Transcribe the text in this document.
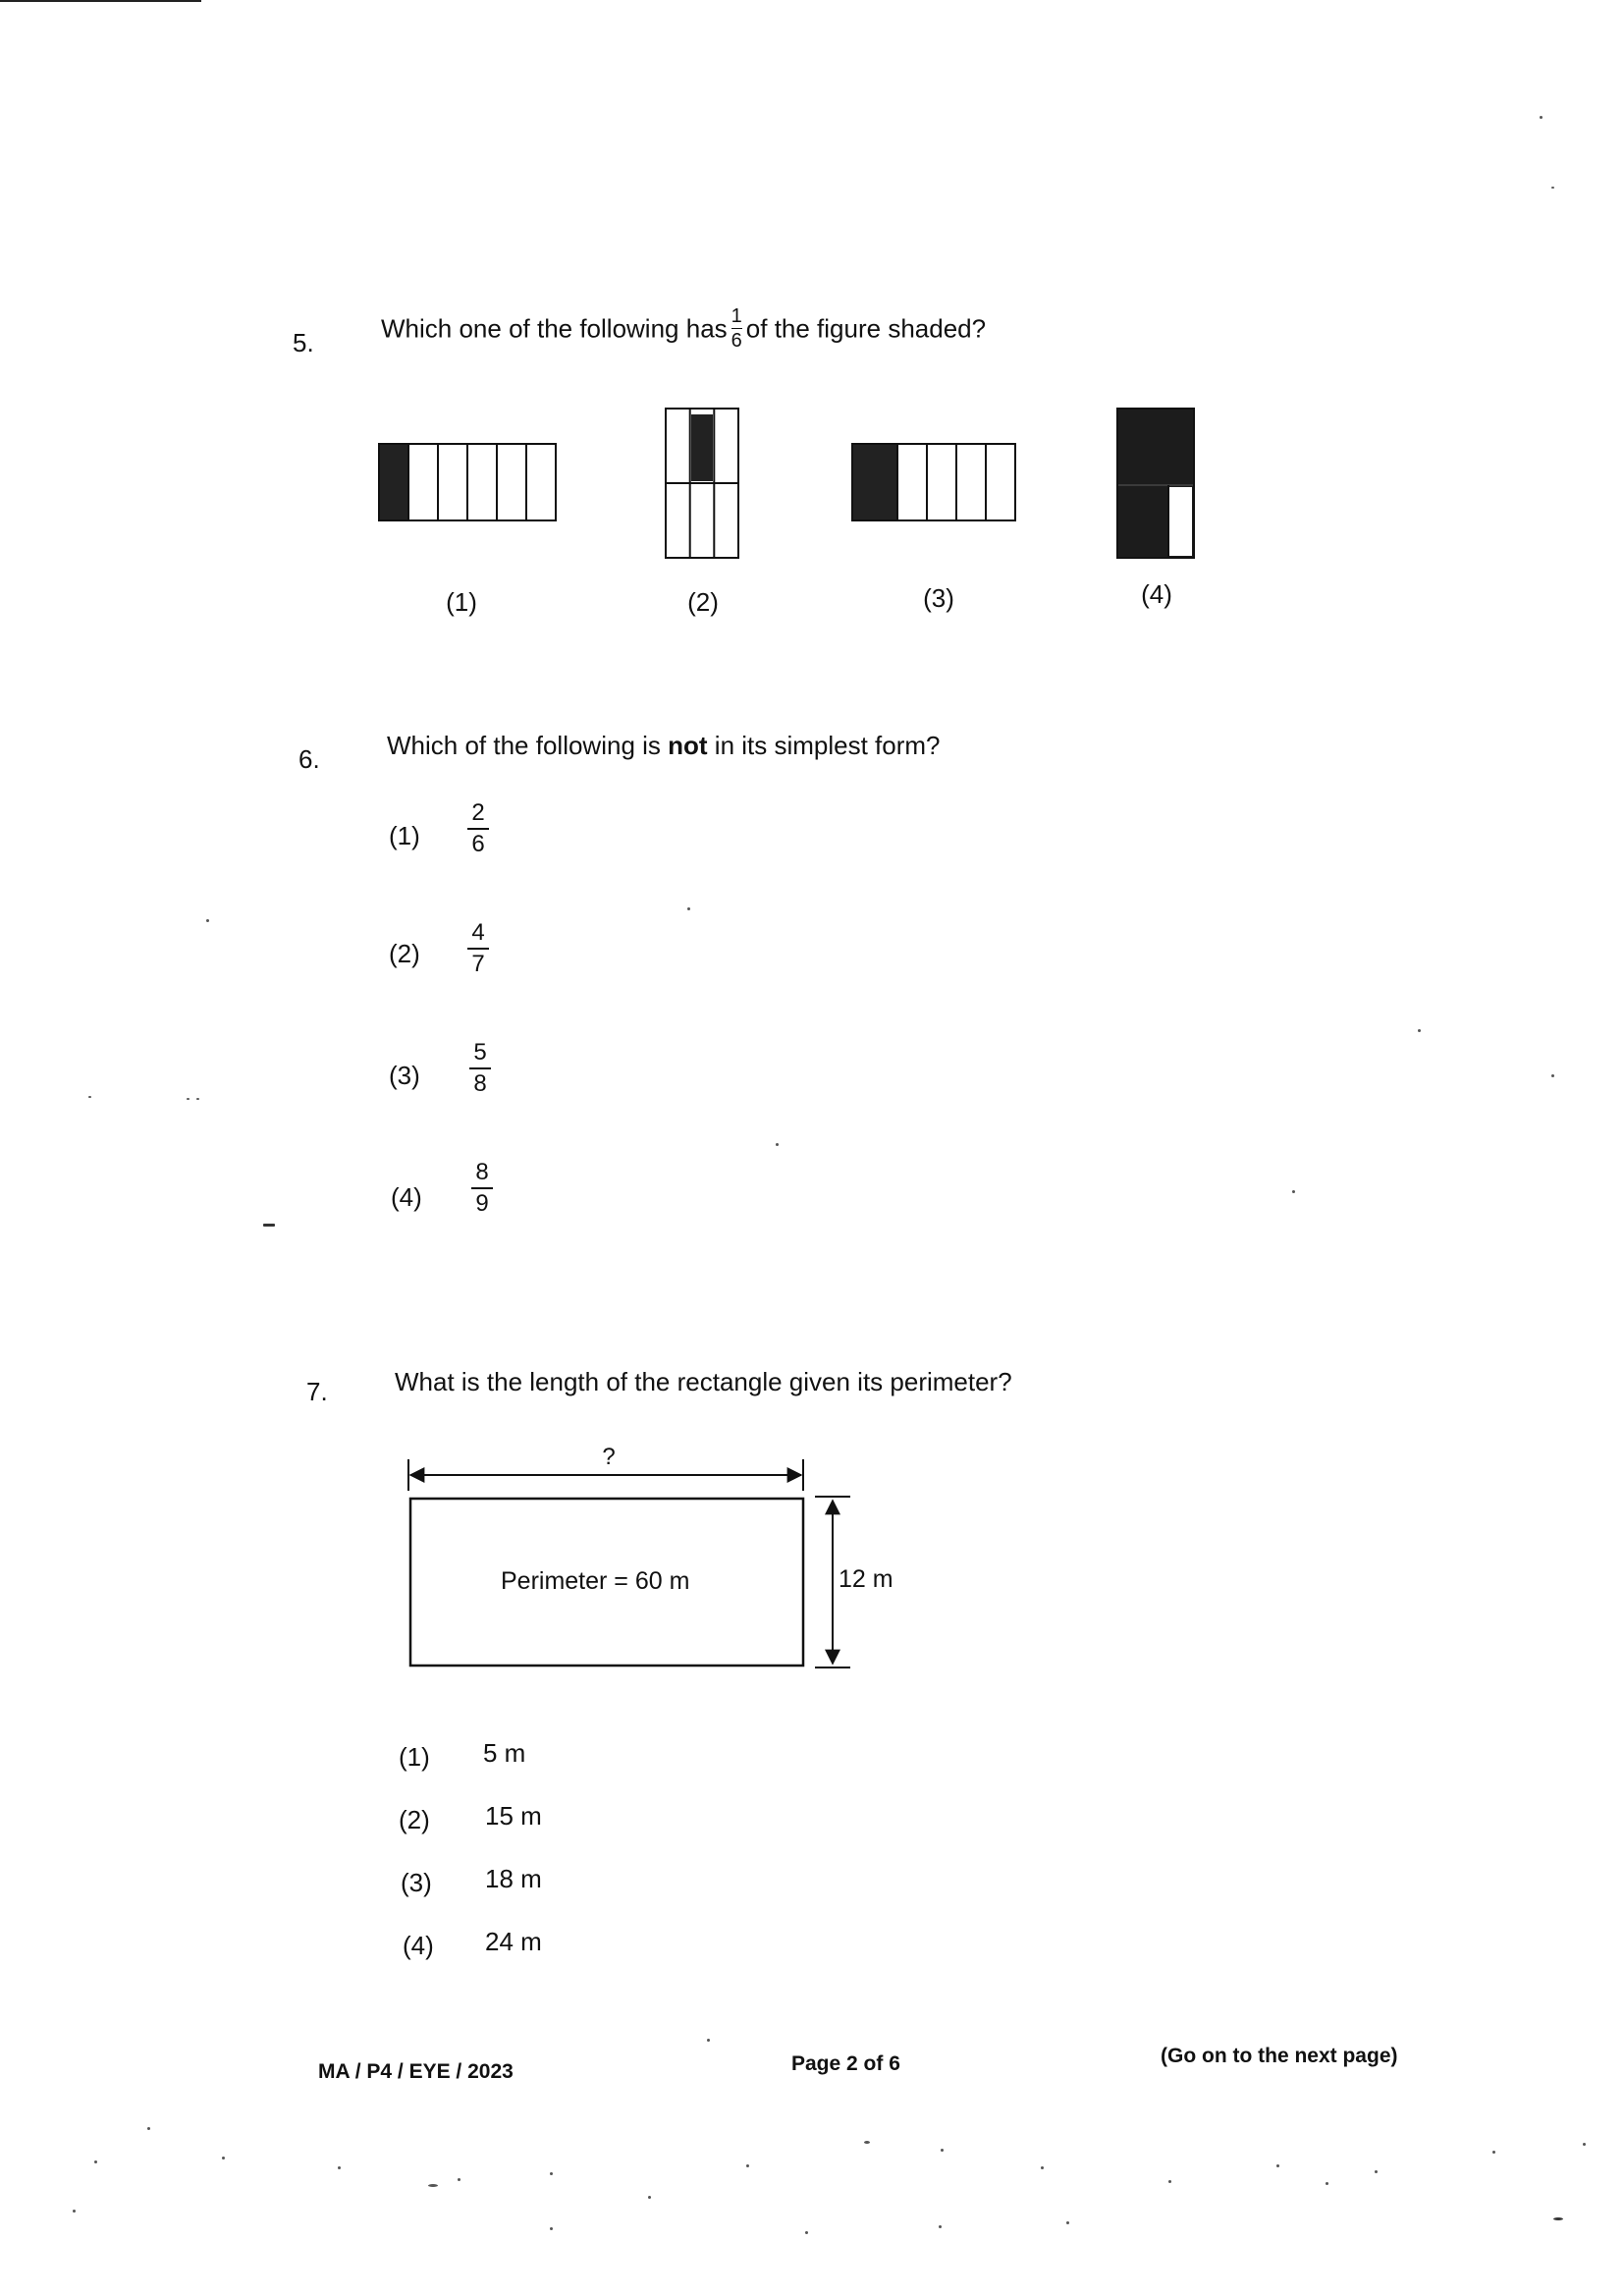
5.	Which one of the following has $\frac{1}{6}$ of the figure shaded?
(1)	(2)	(3)	(4)
6.	Which of the following is not in its simplest form?
(1)
2
6
(2)
4
7
(3)
5
8
(4)
8
9
7.	What is the length of the rectangle given its perimeter?
?
Perimeter = 60 m	12 m
(1) 5 m
(2) 15 m
(3) 18 m
(4) 24 m
MA / P4 / EYE / 2023	Page 2 of 6	(Go on to the next page)
